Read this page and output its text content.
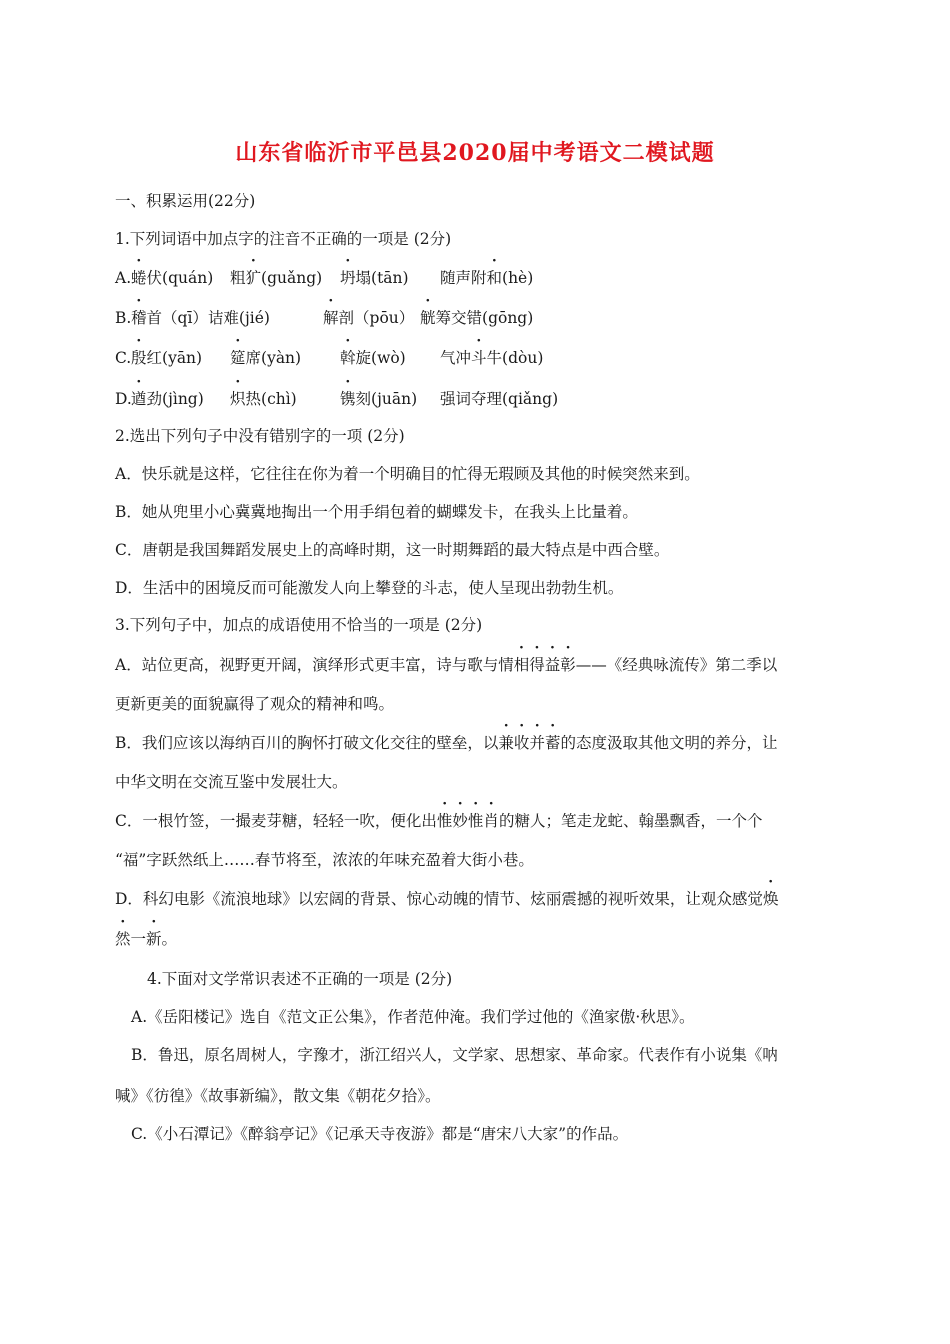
山东省临沂市平邑县2020届中考语文二模试题
一、积累运用(22分)
1.下列词语中加点字的注音不正确的一项是 (2分)
A. 蜷伏(quán) 粗犷(guǎng) 坍塌(tān) 随声附和(hè)
B. 稽首（qī）诘难(jié)	解剖（pōu） 觥筹交错(gōng)
C. 殷红(yān) 筵席(yàn)	斡旋(wò) 气冲斗牛(dòu)
D. 遒劲(jìng) 炽热(chì)	镌刻(juān) 强词夺理(qiǎng)
2.选出下列句子中没有错别字的一项 (2分)
A．快乐就是这样，它往往在你为着一个明确目的忙得无瑕顾及其他的时候突然来到。
B．她从兜里小心冀冀地掏出一个用手绢包着的蝴蝶发卡，在我头上比量着。
C．唐朝是我国舞蹈发展史上的高峰时期，这一时期舞蹈的最大特点是中西合壁。
D．生活中的困境反而可能激发人向上攀登的斗志，使人呈现出勃勃生机。
3.下列句子中，加点的成语使用不恰当的一项是 (2分)
A．站位更高，视野更开阔，演绎形式更丰富，诗与歌与情相得益彰——《经典咏流传》第二季以
更新更美的面貌赢得了观众的精神和鸣。
B．我们应该以海纳百川的胸怀打破文化交往的壁垒，以兼收并蓄的态度汲取其他文明的养分，让
中华文明在交流互鉴中发展壮大。
C．一根竹签，一撮麦芽糖，轻轻一吹，便化出惟妙惟肖的糖人；笔走龙蛇、翰墨飘香，一个个
“福”字跃然纸上……春节将至，浓浓的年味充盈着大街小巷。
D．科幻电影《流浪地球》以宏阔的背景、惊心动魄的情节、炫丽震撼的视听效果，让观众感觉焕
然一新。
4.下面对文学常识表述不正确的一项是 (2分)
A.《岳阳楼记》选自《范文正公集》，作者范仲淹。我们学过他的《渔家傲·秋思》。
B．鲁迅，原名周树人，字豫才，浙江绍兴人，文学家、思想家、革命家。代表作有小说集《呐
喊》《彷徨》《故事新编》，散文集《朝花夕拾》。
C.《小石潭记》《醉翁亭记》《记承天寺夜游》都是“唐宋八大家”的作品。
